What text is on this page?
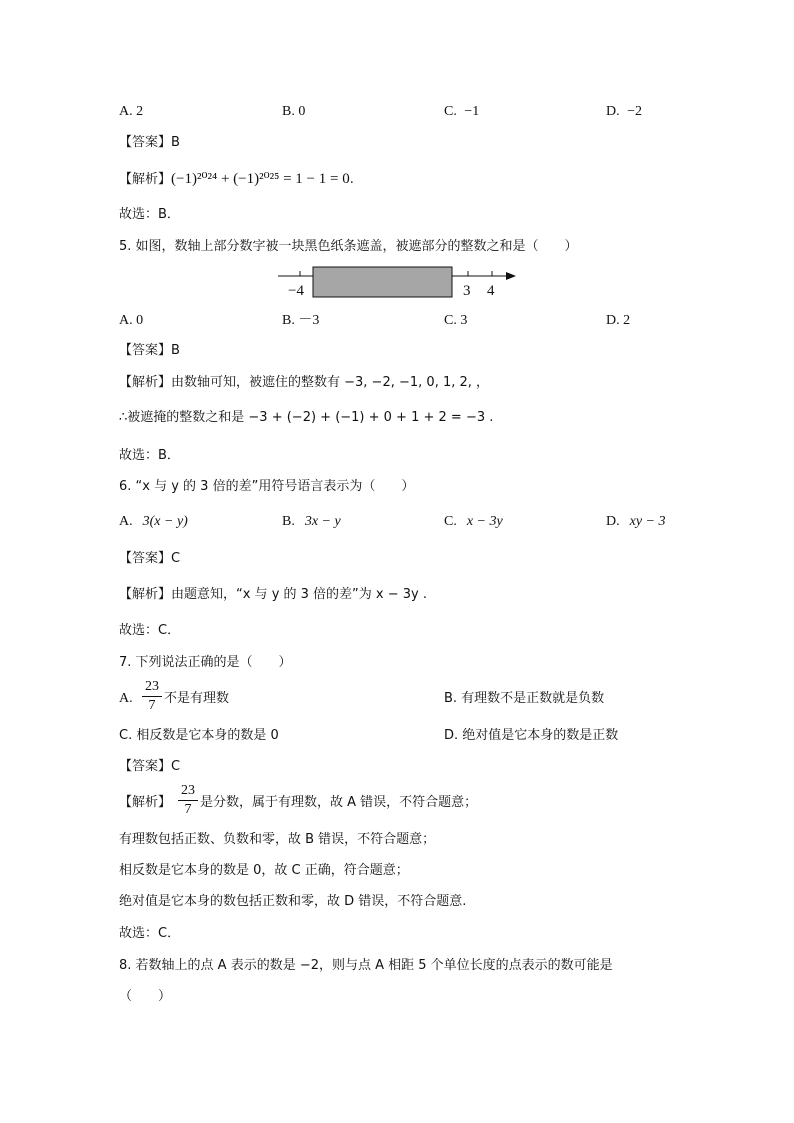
A. 2	B. 0	C. −1	D. −2
【答案】B
【解析】(−1)²⁰²⁴ + (−1)²⁰²⁵ = 1 − 1 = 0.
故选：B．
5. 如图，数轴上部分数字被一块黑色纸条遮盖，被遮部分的整数之和是（　　）
−4	3 4
A. 0	B. －3	C. 3	D. 2
【答案】B
【解析】由数轴可知，被遮住的整数有 −3, −2, −1, 0, 1, 2, ，
∴被遮掩的整数之和是 −3 + (−2) + (−1) + 0 + 1 + 2 = −3 .
故选：B．
6. “x 与 y 的 3 倍的差”用符号语言表示为（　　）
A. 3(x − y)	B. 3x − y	C. x − 3y	D. xy − 3
【答案】C
【解析】由题意知，“x 与 y 的 3 倍的差”为 x − 3y .
故选：C．
7. 下列说法正确的是（　　）
A.
23
7 不是有理数	B. 有理数不是正数就是负数
C. 相反数是它本身的数是 0	D. 绝对值是它本身的数是正数
【答案】C
【解析】
23
7 是分数，属于有理数，故 A 错误，不符合题意；
有理数包括正数、负数和零，故 B 错误，不符合题意；
相反数是它本身的数是 0，故 C 正确，符合题意；
绝对值是它本身的数包括正数和零，故 D 错误，不符合题意.
故选：C．
8. 若数轴上的点 A 表示的数是 −2，则与点 A 相距 5 个单位长度的点表示的数可能是
（　　）
